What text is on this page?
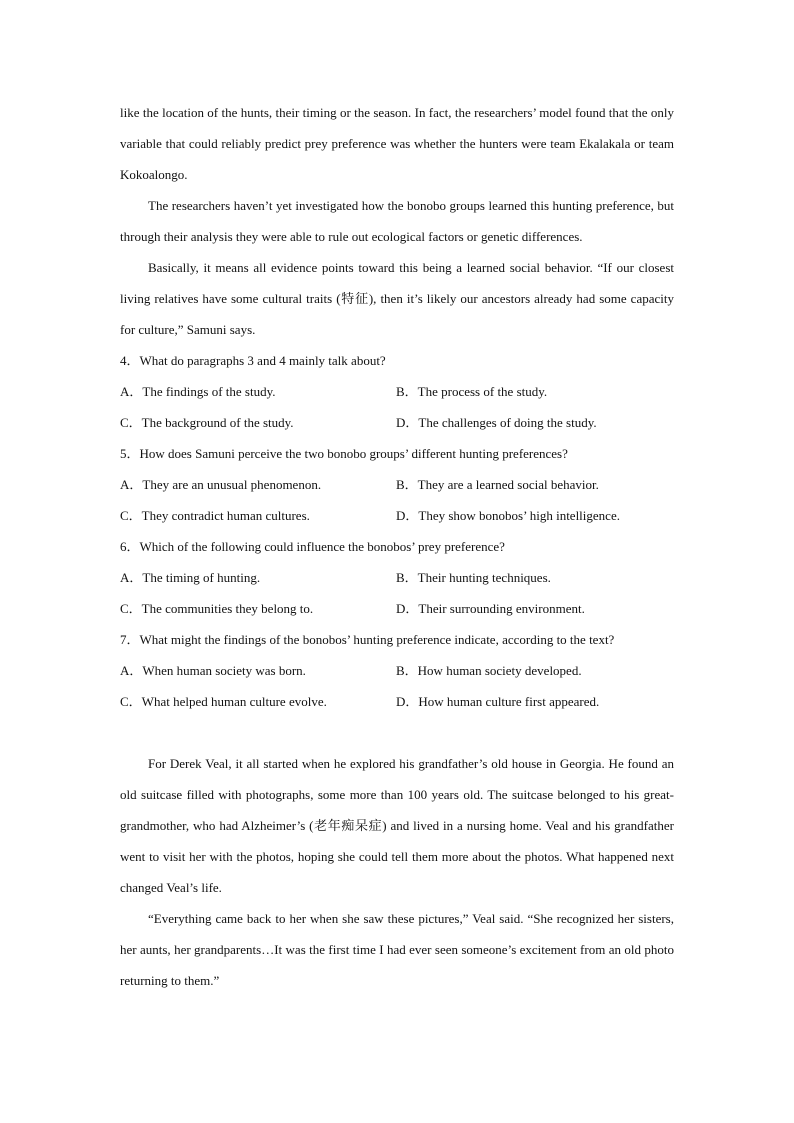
like the location of the hunts, their timing or the season. In fact, the researchers’ model found that the only variable that could reliably predict prey preference was whether the hunters were team Ekalakala or team Kokoalongo.

The researchers haven’t yet investigated how the bonobo groups learned this hunting preference, but through their analysis they were able to rule out ecological factors or genetic differences.

Basically, it means all evidence points toward this being a learned social behavior. “If our closest living relatives have some cultural traits (特征), then it’s likely our ancestors already had some capacity for culture,” Samuni says.

4．What do paragraphs 3 and 4 mainly talk about?

A．The findings of the study.	B．The process of the study.
C．The background of the study.	D．The challenges of doing the study.

5．How does Samuni perceive the two bonobo groups’ different hunting preferences?

A．They are an unusual phenomenon.	B．They are a learned social behavior.
C．They contradict human cultures.	D．They show bonobos’ high intelligence.

6．Which of the following could influence the bonobos’ prey preference?

A．The timing of hunting.	B．Their hunting techniques.
C．The communities they belong to.	D．Their surrounding environment.

7．What might the findings of the bonobos’ hunting preference indicate, according to the text?

A．When human society was born.	B．How human society developed.
C．What helped human culture evolve.	D．How human culture first appeared.

For Derek Veal, it all started when he explored his grandfather’s old house in Georgia. He found an old suitcase filled with photographs, some more than 100 years old. The suitcase belonged to his great-grandmother, who had Alzheimer’s (老年痴呆症) and lived in a nursing home. Veal and his grandfather went to visit her with the photos, hoping she could tell them more about the photos. What happened next changed Veal’s life.

“Everything came back to her when she saw these pictures,” Veal said. “She recognized her sisters, her aunts, her grandparents…It was the first time I had ever seen someone’s excitement from an old photo returning to them.”
